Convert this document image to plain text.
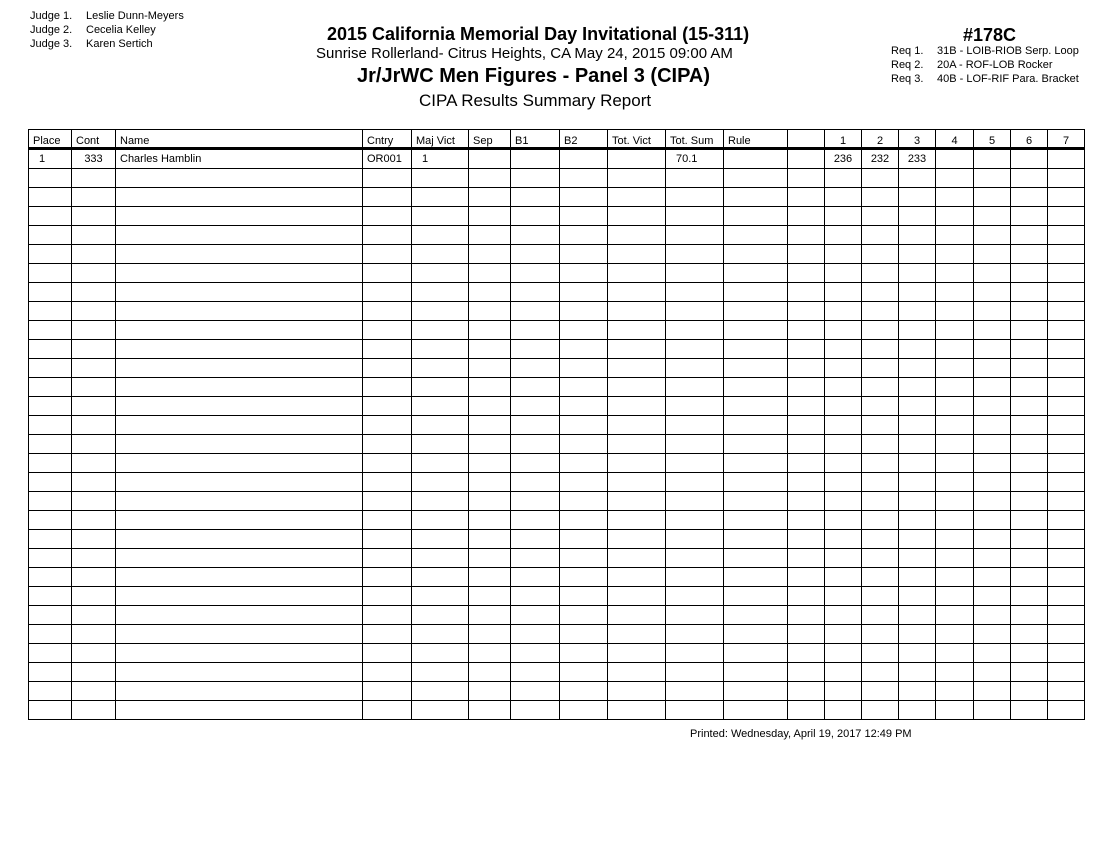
Judge 1. Leslie Dunn-Meyers
Judge 2. Cecelia Kelley
Judge 3. Karen Sertich	2015 California Memorial Day Invitational (15-311)
Sunrise Rollerland- Citrus Heights, CA May 24, 2015 09:00 AM
Jr/JrWC Men Figures - Panel 3 (CIPA)
CIPA Results Summary Report
#178C
Req 1. 31B - LOIB-RIOB Serp. Loop
Req 2. 20A - ROF-LOB Rocker
Req 3. 40B - LOF-RIF Para. Bracket
Place	Cont	Name	Cntry	Maj Vict	Sep	B1	B2	Tot. Vict	Tot. Sum	Rule		1	2	3	4	5	6	7
1	333	Charles Hamblin	OR001	1					70.1			236	232	233				

Printed: Wednesday, April 19, 2017 12:49 PM
